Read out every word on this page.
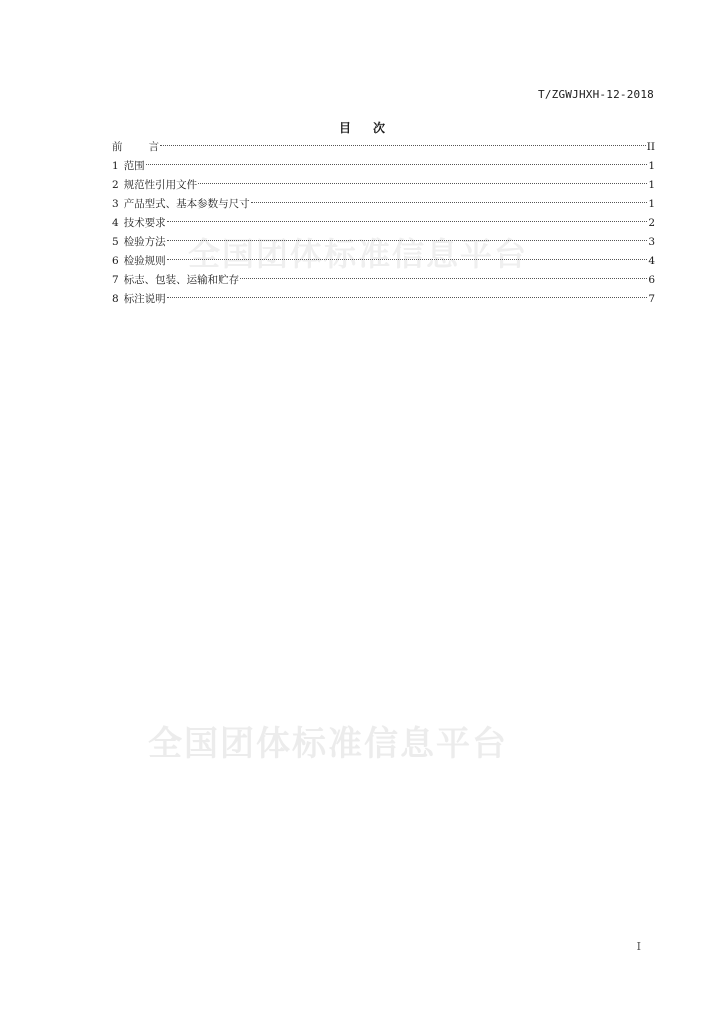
T/ZGWJHXH-12-2018
目 次
全国团体标准信息平台
前言	II
1 范围	1
2 规范性引用文件	1
3 产品型式、基本参数与尺寸	1
4 技术要求	2
5 检验方法	3
6 检验规则	4
7 标志、包装、运输和贮存	6
8 标注说明	7
全国团体标准信息平台
I
